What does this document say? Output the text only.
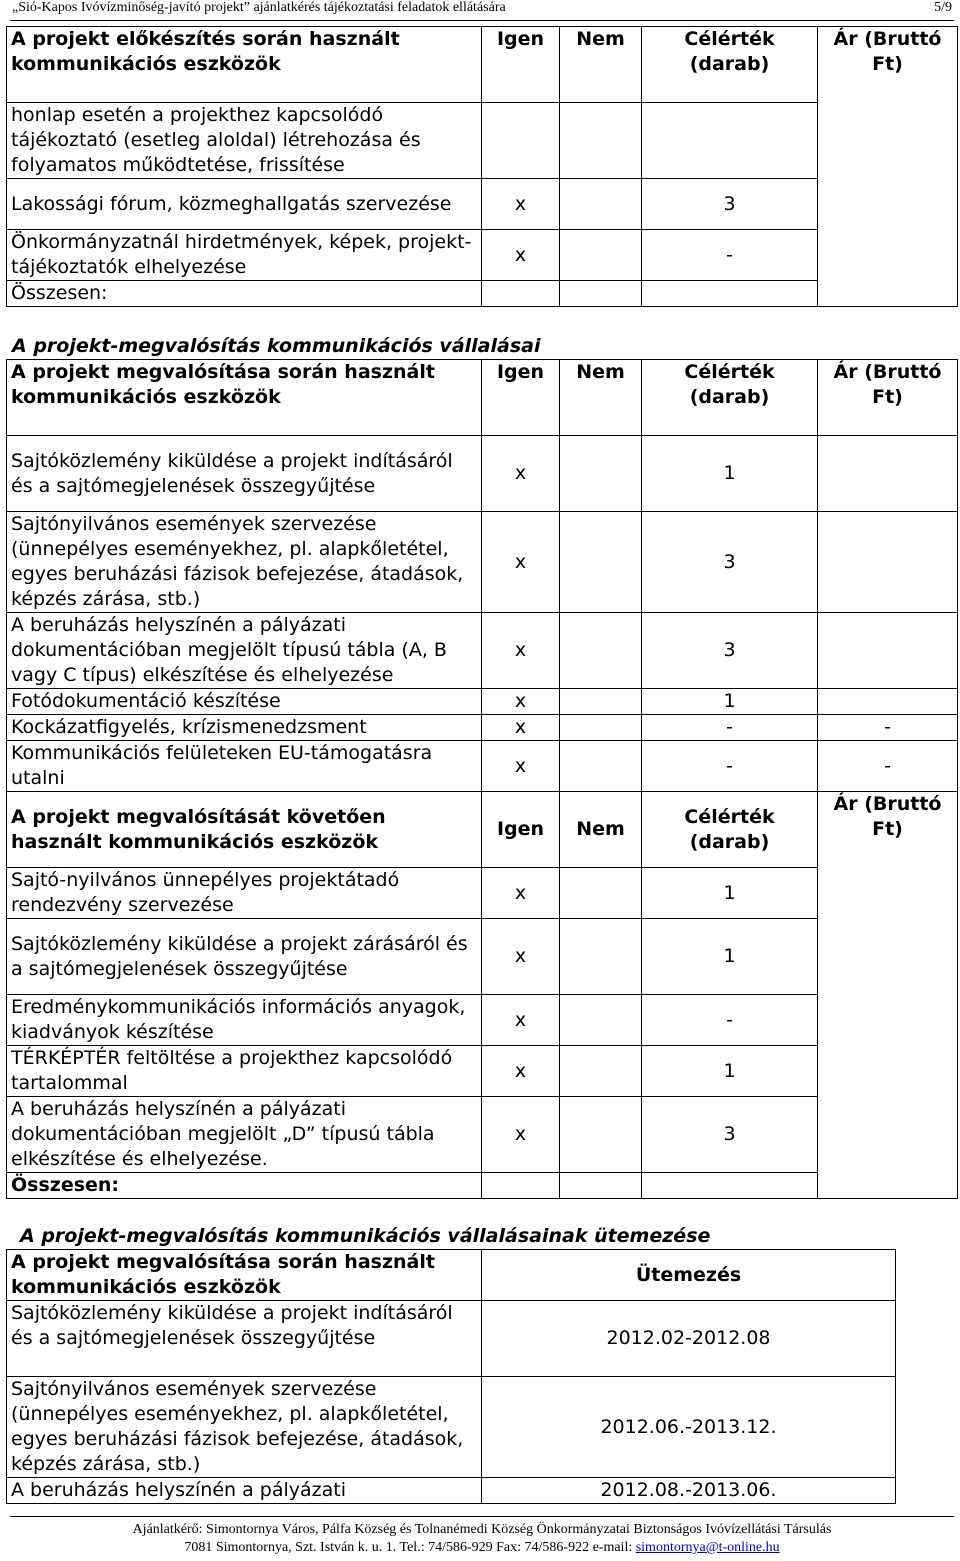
„Sió-Kapos Ivóvízminőség-javító projekt” ajánlatkérés tájékoztatási feladatok ellátására	5/9
A projekt előkészítés során használt kommunikációs eszközök	Igen	Nem	Célérték (darab)	Ár (Bruttó Ft)
honlap esetén a projekthez kapcsolódó tájékoztató (esetleg aloldal) létrehozása és folyamatos működtetése, frissítése				
Lakossági fórum, közmeghallgatás szervezése	x		3	
Önkormányzatnál hirdetmények, képek, projekt-tájékoztatók elhelyezése	x		-	
Összesen:				
A projekt-megvalósítás kommunikációs vállalásai
A projekt megvalósítása során használt kommunikációs eszközök	Igen	Nem	Célérték (darab)	Ár (Bruttó Ft)
Sajtóközlemény kiküldése a projekt indításáról és a sajtómegjelenések összegyűjtése	x		1	
Sajtónyilvános események szervezése (ünnepélyes eseményekhez, pl. alapkőletétel, egyes beruházási fázisok befejezése, átadások, képzés zárása, stb.)	x		3	
A beruházás helyszínén a pályázati dokumentációban megjelölt típusú tábla (A, B vagy C típus) elkészítése és elhelyezése	x		3	
Fotódokumentáció készítése	x		1	
Kockázatfigyelés, krízismenedzsment	x		-	-
Kommunikációs felületeken EU-támogatásra utalni	x		-	-
A projekt megvalósítását követően használt kommunikációs eszközök	Igen	Nem	Célérték (darab)	Ár (Bruttó Ft)
Sajtó-nyilvános ünnepélyes projektátadó rendezvény szervezése	x		1	
Sajtóközlemény kiküldése a projekt zárásáról és a sajtómegjelenések összegyűjtése	x		1	
Eredménykommunikációs információs anyagok, kiadványok készítése	x		-	
TÉRKÉPTÉR feltöltése a projekthez kapcsolódó tartalommal	x		1	
A beruházás helyszínén a pályázati dokumentációban megjelölt „D” típusú tábla elkészítése és elhelyezése.	x		3	
Összesen:				
A projekt-megvalósítás kommunikációs vállalásainak ütemezése
A projekt megvalósítása során használt kommunikációs eszközök	Ütemezés
Sajtóközlemény kiküldése a projekt indításáról és a sajtómegjelenések összegyűjtése	2012.02-2012.08
Sajtónyilvános események szervezése (ünnepélyes eseményekhez, pl. alapkőletétel, egyes beruházási fázisok befejezése, átadások, képzés zárása, stb.)	2012.06.-2013.12.
A beruházás helyszínén a pályázati	2012.08.-2013.06.
Ajánlatkérő: Simontornya Város, Pálfa Község és Tolnanémedi Község Önkormányzatai Biztonságos Ivóvízellátási Társulás
7081 Simontornya, Szt. István k. u. 1. Tel.: 74/586-929 Fax: 74/586-922 e-mail: simontornya@t-online.hu
